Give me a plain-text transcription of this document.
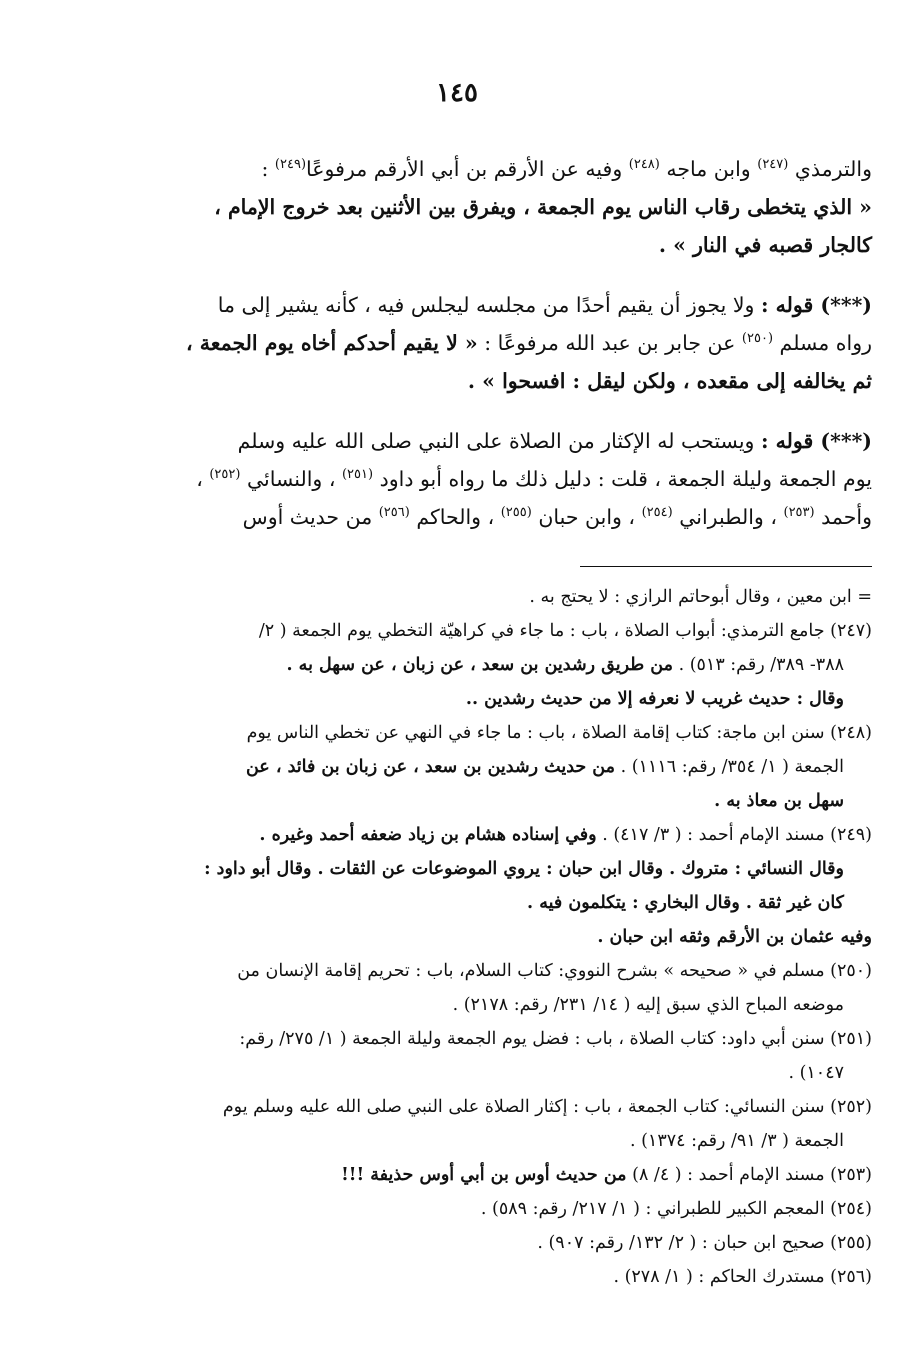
١٤٥

والترمذي $^{(٢٤٧)}$ وابن ماجه $^{(٢٤٨)}$ وفيه عن الأرقم بن أبي الأرقم مرفوعًا$^{(٢٤٩)}$ :

« الذي يتخطى رقاب الناس يوم الجمعة ، ويفرق بين الأثنين بعد خروج الإمام ،

كالجار قصبه في النار » .

(***) قوله : ولا يجوز أن يقيم أحدًا من مجلسه ليجلس فيه ، كأنه يشير إلى ما

رواه مسلم $^{(٢٥٠)}$ عن جابر بن عبد الله مرفوعًا : « لا يقيم أحدكم أخاه يوم الجمعة ،

ثم يخالفه إلى مقعده ، ولكن ليقل : افسحوا » .

(***) قوله : ويستحب له الإكثار من الصلاة على النبي صلى الله عليه وسلم

يوم الجمعة وليلة الجمعة ، قلت : دليل ذلك ما رواه أبو داود $^{(٢٥١)}$ ، والنسائي $^{(٢٥٢)}$ ،

وأحمد $^{(٢٥٣)}$ ، والطبراني $^{(٢٥٤)}$ ، وابن حبان $^{(٢٥٥)}$ ، والحاكم $^{(٢٥٦)}$ من حديث أوس

= ابن معين ، وقال أبوحاتم الرازي : لا يحتج به .

(٢٤٧) جامع الترمذي: أبواب الصلاة ، باب : ما جاء في كراهيّة التخطي يوم الجمعة ( ٢/

٣٨٨- ٣٨٩/ رقم: ٥١٣) . من طريق رشدين بن سعد ، عن زبان ، عن سهل به .

وقال : حديث غريب لا نعرفه إلا من حديث رشدين ..

(٢٤٨) سنن ابن ماجة: كتاب إقامة الصلاة ، باب : ما جاء في النهي عن تخطي الناس يوم

الجمعة ( ١/ ٣٥٤/ رقم: ١١١٦) . من حديث رشدين بن سعد ، عن زبان بن فائد ، عن

سهل بن معاذ به .

(٢٤٩) مسند الإمام أحمد : ( ٣/ ٤١٧) . وفي إسناده هشام بن زياد ضعفه أحمد وغيره .

وقال النسائي : متروك . وقال ابن حبان : يروي الموضوعات عن الثقات . وقال أبو داود :

كان غير ثقة . وقال البخاري : يتكلمون فيه .

وفيه عثمان بن الأرقم وثقه ابن حبان .

(٢٥٠) مسلم في « صحيحه » بشرح النووي: كتاب السلام، باب : تحريم إقامة الإنسان من

موضعه المباح الذي سبق إليه ( ١٤/ ٢٣١/ رقم: ٢١٧٨) .

(٢٥١) سنن أبي داود: كتاب الصلاة ، باب : فضل يوم الجمعة وليلة الجمعة ( ١/ ٢٧٥/ رقم:

١٠٤٧) .

(٢٥٢) سنن النسائي: كتاب الجمعة ، باب : إكثار الصلاة على النبي صلى الله عليه وسلم يوم

الجمعة ( ٣/ ٩١/ رقم: ١٣٧٤) .

(٢٥٣) مسند الإمام أحمد : ( ٤/ ٨) من حديث أوس بن أبي أوس حذيفة !!!

(٢٥٤) المعجم الكبير للطبراني : ( ١/ ٢١٧/ رقم: ٥٨٩) .

(٢٥٥) صحيح ابن حبان : ( ٢/ ١٣٢/ رقم: ٩٠٧) .

(٢٥٦) مستدرك الحاكم : ( ١/ ٢٧٨) .
